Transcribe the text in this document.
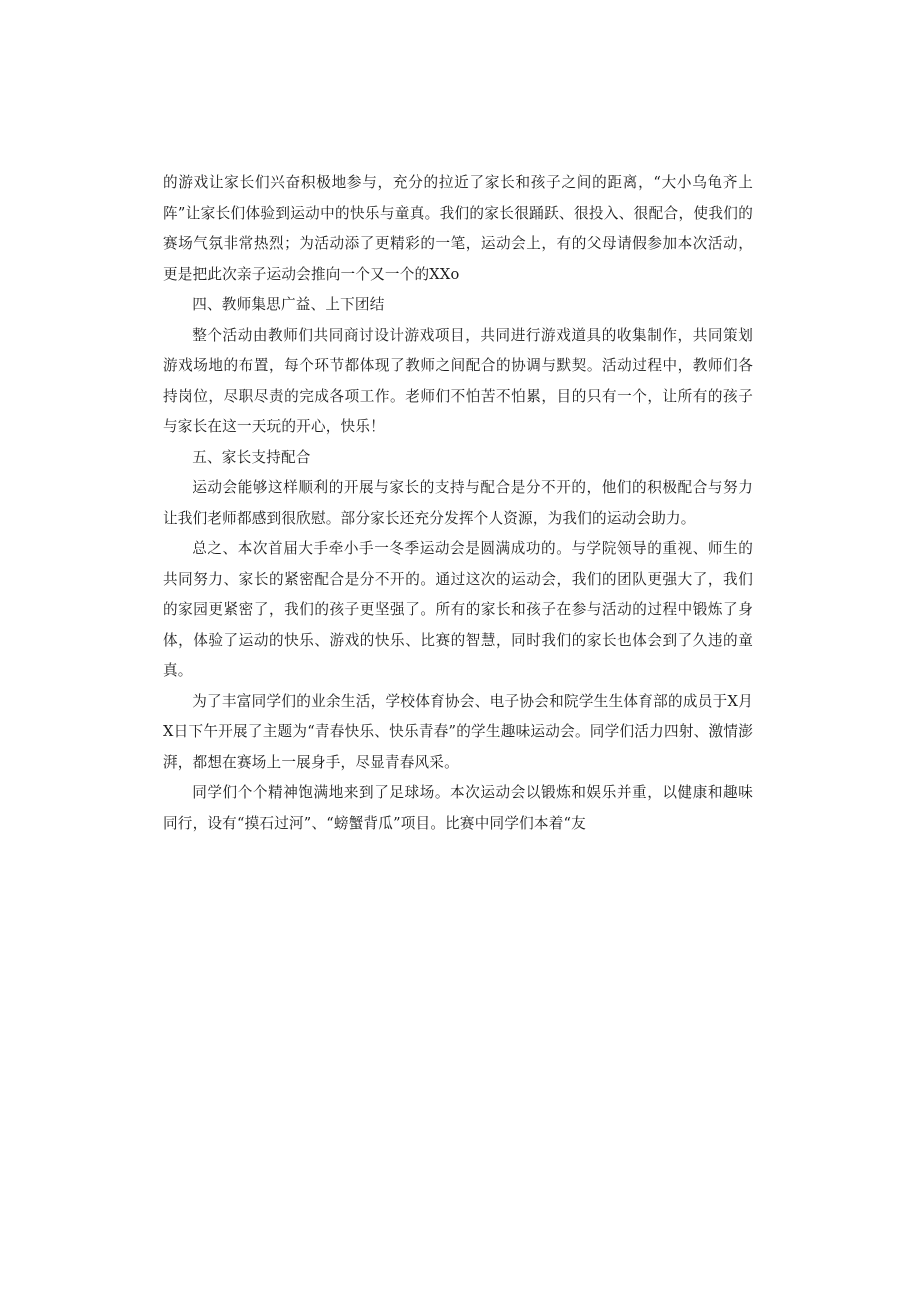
的游戏让家长们兴奋积极地参与，充分的拉近了家长和孩子之间的距离，“大小乌龟齐上阵”让家长们体验到运动中的快乐与童真。我们的家长很踊跃、很投入、很配合，使我们的赛场气氛非常热烈；为活动添了更精彩的一笔，运动会上，有的父母请假参加本次活动，更是把此次亲子运动会推向一个又一个的XXo

四、教师集思广益、上下团结

整个活动由教师们共同商讨设计游戏项目，共同进行游戏道具的收集制作，共同策划游戏场地的布置，每个环节都体现了教师之间配合的协调与默契。活动过程中，教师们各持岗位，尽职尽责的完成各项工作。老师们不怕苦不怕累，目的只有一个，让所有的孩子与家长在这一天玩的开心，快乐！

五、家长支持配合

运动会能够这样顺利的开展与家长的支持与配合是分不开的，他们的积极配合与努力让我们老师都感到很欣慰。部分家长还充分发挥个人资源，为我们的运动会助力。

总之、本次首届大手牵小手一冬季运动会是圆满成功的。与学院领导的重视、师生的共同努力、家长的紧密配合是分不开的。通过这次的运动会，我们的团队更强大了，我们的家园更紧密了，我们的孩子更坚强了。所有的家长和孩子在参与活动的过程中锻炼了身体，体验了运动的快乐、游戏的快乐、比赛的智慧，同时我们的家长也体会到了久违的童真。

为了丰富同学们的业余生活，学校体育协会、电子协会和院学生生体育部的成员于X月X日下午开展了主题为“青春快乐、快乐青春”的学生趣味运动会。同学们活力四射、激情澎湃，都想在赛场上一展身手，尽显青春风采。

同学们个个精神饱满地来到了足球场。本次运动会以锻炼和娱乐并重，以健康和趣味同行，设有“摸石过河”、“螃蟹背瓜”项目。比赛中同学们本着“友
